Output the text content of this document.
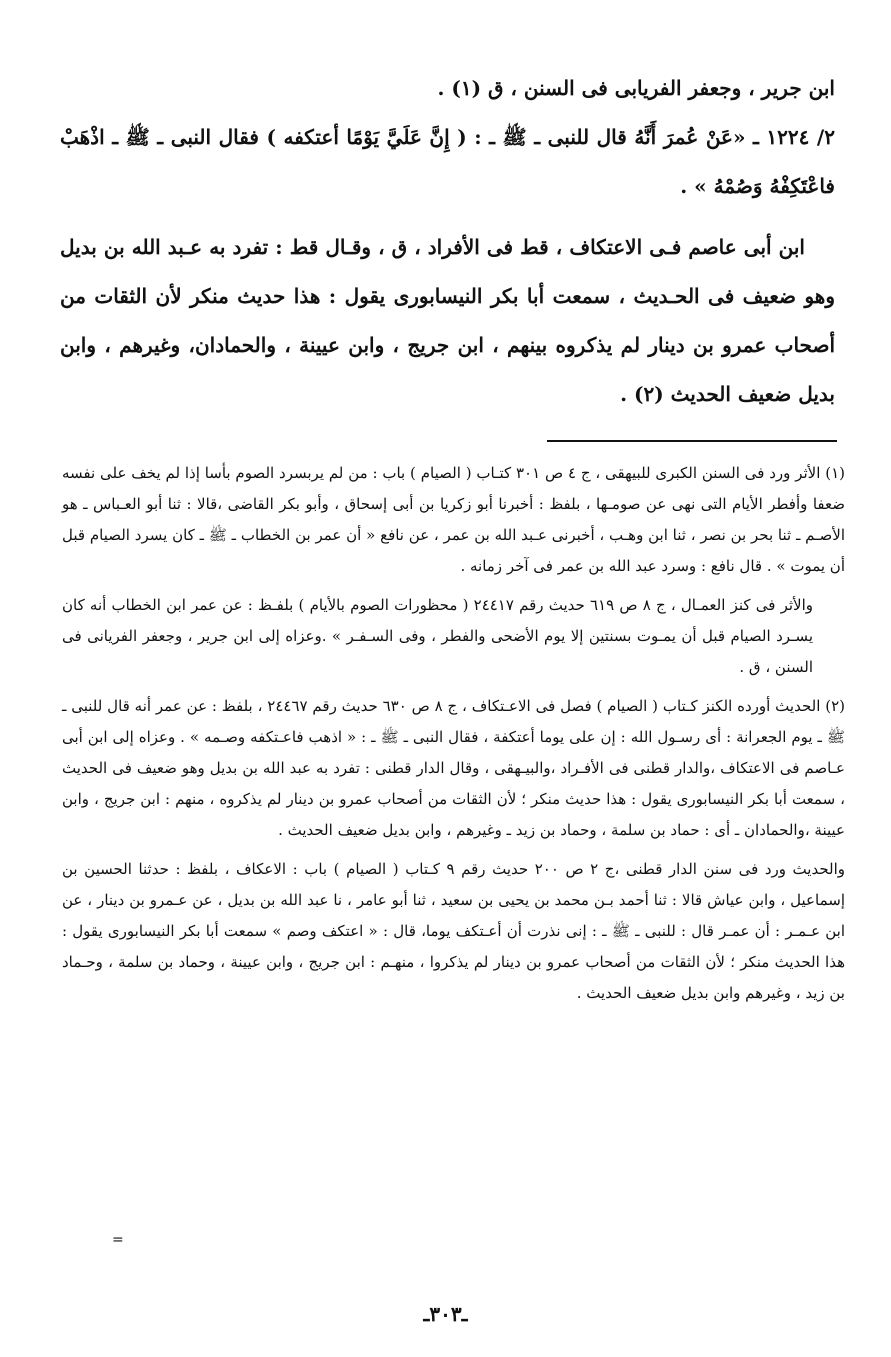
ابن جرير ، وجعفر الفريابى فى السنن ، ق (١) .

٢/ ١٢٢٤ ـ «عَنْ عُمرَ أَنَّهُ قال للنبى ـ ﷺ ـ : ( إِنَّ عَلَيَّ يَوْمًا أعتكفه ) فقال النبى ـ ﷺ ـ اذْهَبْ فاعْتَكِفْهُ وَصُمْهُ » .

ابن أبى عاصم فـى الاعتكاف ، قط فى الأفراد ، ق ، وقـال قط : تفرد به عـبد الله بن بديل وهو ضعيف فى الحـديث ، سمعت أبا بكر النيسابورى يقول : هذا حديث منكر لأن الثقات من أصحاب عمرو بن دينار لم يذكروه بينهم ، ابن جريج ، وابن عيينة ، والحمادان، وغيرهم ، وابن بديل ضعيف الحديث (٢) .

(١) الأثر ورد فى السنن الكبرى للبيهقى ، ج ٤ ص ٣٠١ كتـاب ( الصيام ) باب : من لم يربسرد الصوم بأسا إذا لم يخف على نفسه ضعفا وأفطر الأيام التى نهى عن صومـها ، بلفظ : أخبرنا أبو زكريا بن أبى إسحاق ، وأبو بكر القاضى ،قالا : ثنا أبو العـباس ـ هو الأصـم ـ ثنا بحر بن نصر ، ثنا ابن وهـب ، أخبرنى عـبد الله بن عمر ، عن نافع « أن عمر بن الخطاب ـ ﷺ ـ كان يسرد الصيام قبل أن يموت » . قال نافع : وسرد عبد الله بن عمر فى آخر زمانه .

والأثر فى كنز العمـال ، ج ٨ ص ٦١٩ حديث رقم ٢٤٤١٧ ( محظورات الصوم بالأيام ) بلفـظ : عن عمر ابن الخطاب أنه كان يسـرد الصيام قبل أن يمـوت بسنتين إلا يوم الأضحى والفطر ، وفى السـفـر » .وعزاه إلى ابن جرير ، وجعفر الفريانى فى السنن ، ق .

(٢) الحديث أورده الكنز كـتاب ( الصيام ) فصل فى الاعـتكاف ، ج ٨ ص ٦٣٠ حديث رقم ٢٤٤٦٧ ، بلفظ : عن عمر أنه قال للنبى ـ ﷺ ـ يوم الجعرانة : أى رسـول الله : إن على يوما أعتكفة ، فقال النبى ـ ﷺ ـ : « اذهب فاعـتكفه وصـمه » . وعزاه إلى ابن أبى عـاصم فى الاعتكاف ،والدار قطنى فى الأفـراد ،والبيـهقى ، وقال الدار قطنى : تفرد به عبد الله بن بديل وهو ضعيف فى الحديث ، سمعت أبا بكر النيسابورى يقول : هذا حديث منكر ؛ لأن الثقات من أصحاب عمرو بن دينار لم يذكروه ، منهم : ابن جريج ، وابن عيينة ،والحمادان ـ أى : حماد بن سلمة ، وحماد بن زيد ـ وغيرهم ، وابن بديل ضعيف الحديث .

والحديث ورد فى سنن الدار قطنى ،ج ٢ ص ٢٠٠ حديث رقم ٩ كـتاب ( الصيام ) باب : الاعكاف ، بلفظ : حدثنا الحسين بن إسماعيل ، وابن عياش قالا : ثنا أحمد بـن محمد بن يحيى بن سعيد ، ثنا أبو عامر ، نا عبد الله بن بديل ، عن عـمرو بن دينار ، عن ابن عـمـر : أن عمـر قال : للنبى ـ ﷺ ـ : إنى نذرت أن أعـتكف يوما، قال : « اعتكف وصم » سمعت أبا بكر النيسابورى يقول : هذا الحديث منكر ؛ لأن الثقات من أصحاب عمرو بن دينار لم يذكروا ، منهـم : ابن جريج ، وابن عيينة ، وحماد بن سلمة ، وحـماد بن زيد ، وغيرهم وابن بديل ضعيف الحديث .

=
ـ٣٠٣ـ
